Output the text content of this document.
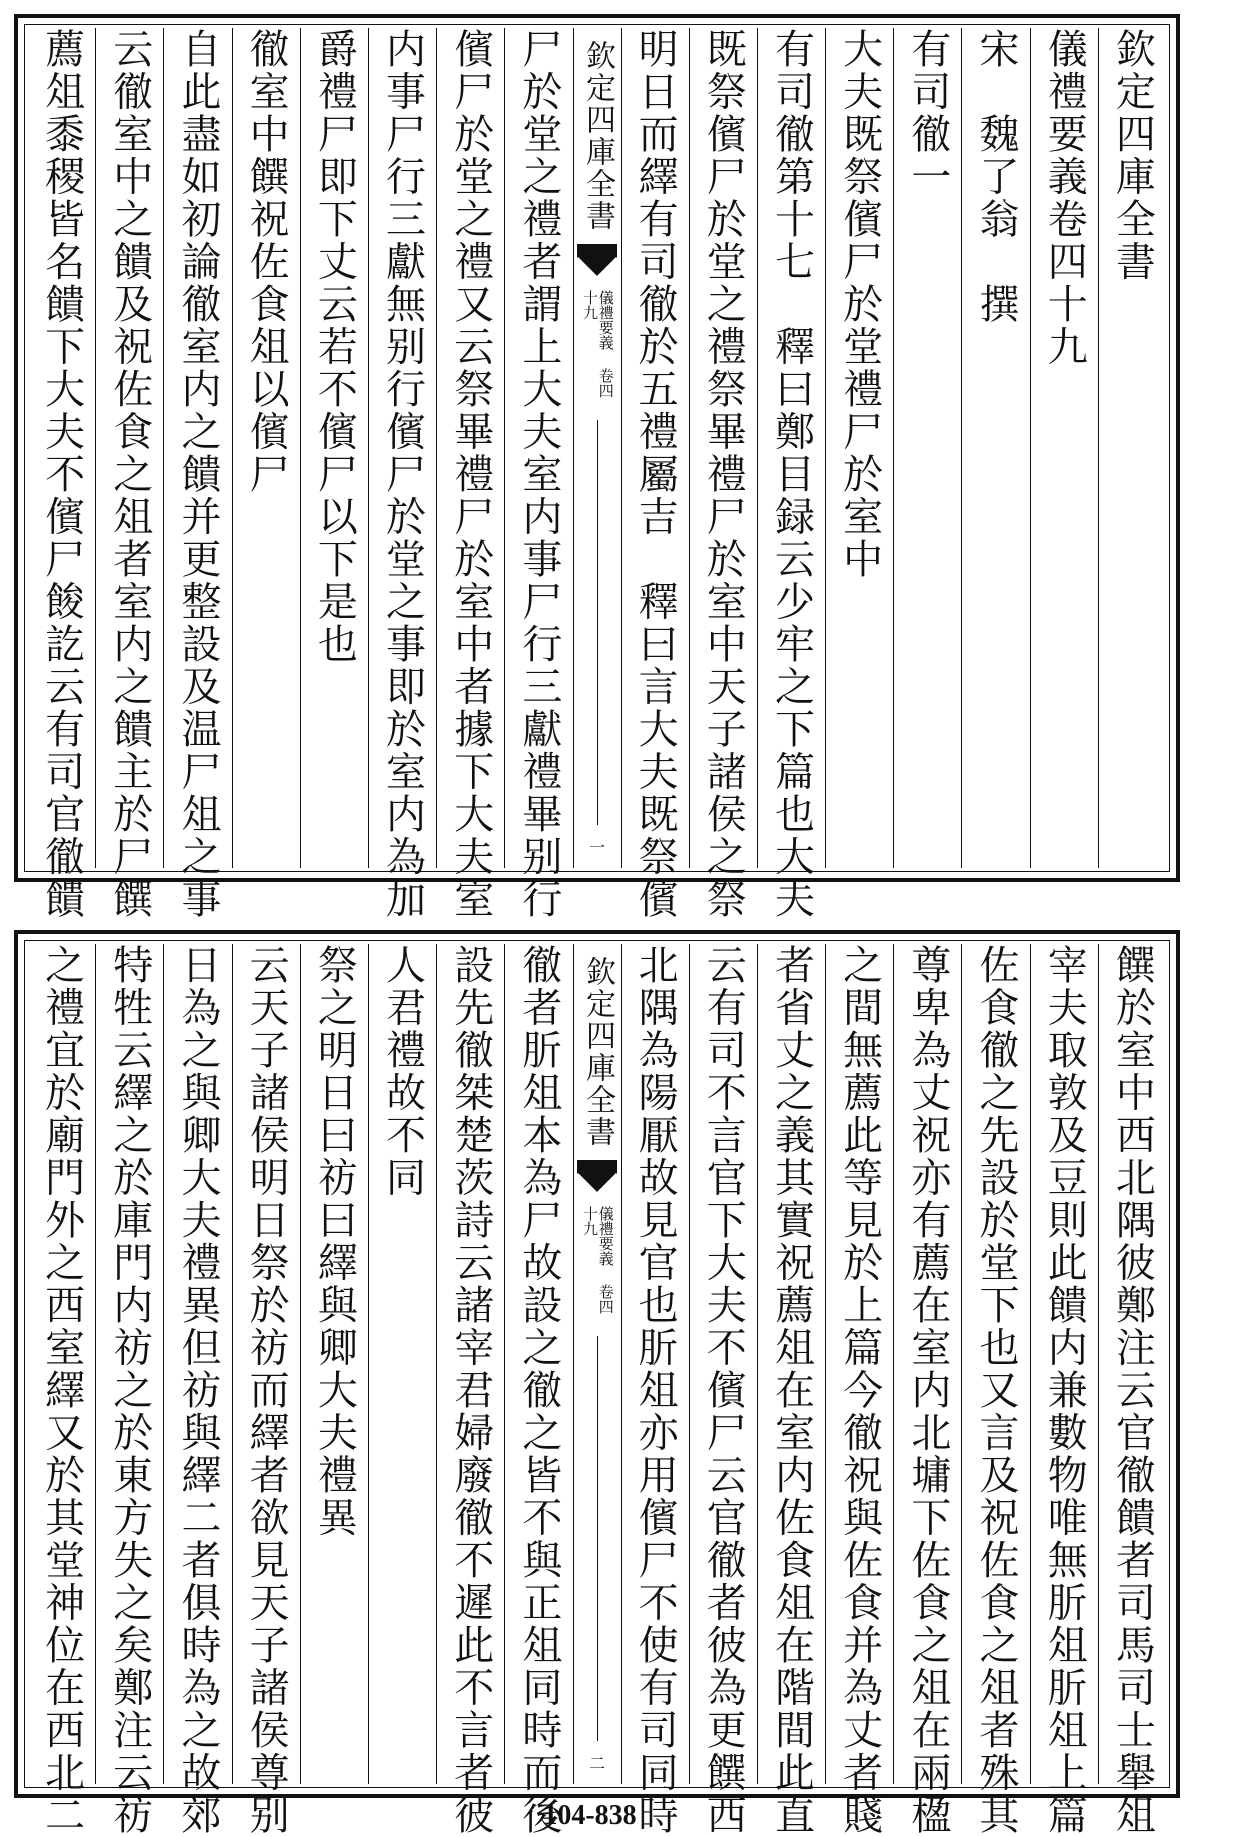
欽定四庫全書
儀禮要義卷四十九
宋　魏了翁　撰
有司徹一
大夫既祭儐尸於堂禮尸於室中
有司徹第十七　釋曰鄭目録云少牢之下篇也大夫
既祭儐尸於堂之禮祭畢禮尸於室中天子諸侯之祭
明日而繹有司徹於五禮屬吉　釋曰言大夫既祭儐
欽定四庫全書
儀禮要義 卷四十九
一
尸於堂之禮者謂上大夫室内事尸行三獻禮畢别行
儐尸於堂之禮又云祭畢禮尸於室中者據下大夫室
内事尸行三獻無别行儐尸於堂之事即於室内為加
爵禮尸即下丈云若不儐尸以下是也
徹室中饌祝佐食俎以儐尸
自此盡如初論徹室内之饋并更整設及温尸俎之事
云徹室中之饋及祝佐食之俎者室内之饋主於尸饌
薦俎黍稷皆名饋下大夫不儐尸餕訖云有司官徹饋
饌於室中西北隅彼鄭注云官徹饋者司馬司士舉俎
宰夫取敦及豆則此饋内兼數物唯無肵俎肵俎上篇
佐食徹之先設於堂下也又言及祝佐食之俎者殊其
尊卑為丈祝亦有薦在室内北墉下佐食之俎在兩楹
之間無薦此等見於上篇今徹祝與佐食并為丈者賤
者省丈之義其實祝薦俎在室内佐食俎在階間此直
云有司不言官下大夫不儐尸云官徹者彼為更饌西
北隅為陽厭故見官也肵俎亦用儐尸不使有司同時
欽定四庫全書
儀禮要義 卷四十九
二
徹者肵俎本為尸故設之徹之皆不與正俎同時而後
設先徹桀楚茨詩云諸宰君婦廢徹不遲此不言者彼
人君禮故不同
祭之明日曰祊曰繹與卿大夫禮異
云天子諸侯明日祭於祊而繹者欲見天子諸侯尊别
日為之與卿大夫禮異但祊與繹二者俱時為之故郊
特牲云繹之於庫門内祊之於東方失之矣鄭注云祊
之禮宜於廟門外之西室繹又於其堂神位在西北二	104-838
